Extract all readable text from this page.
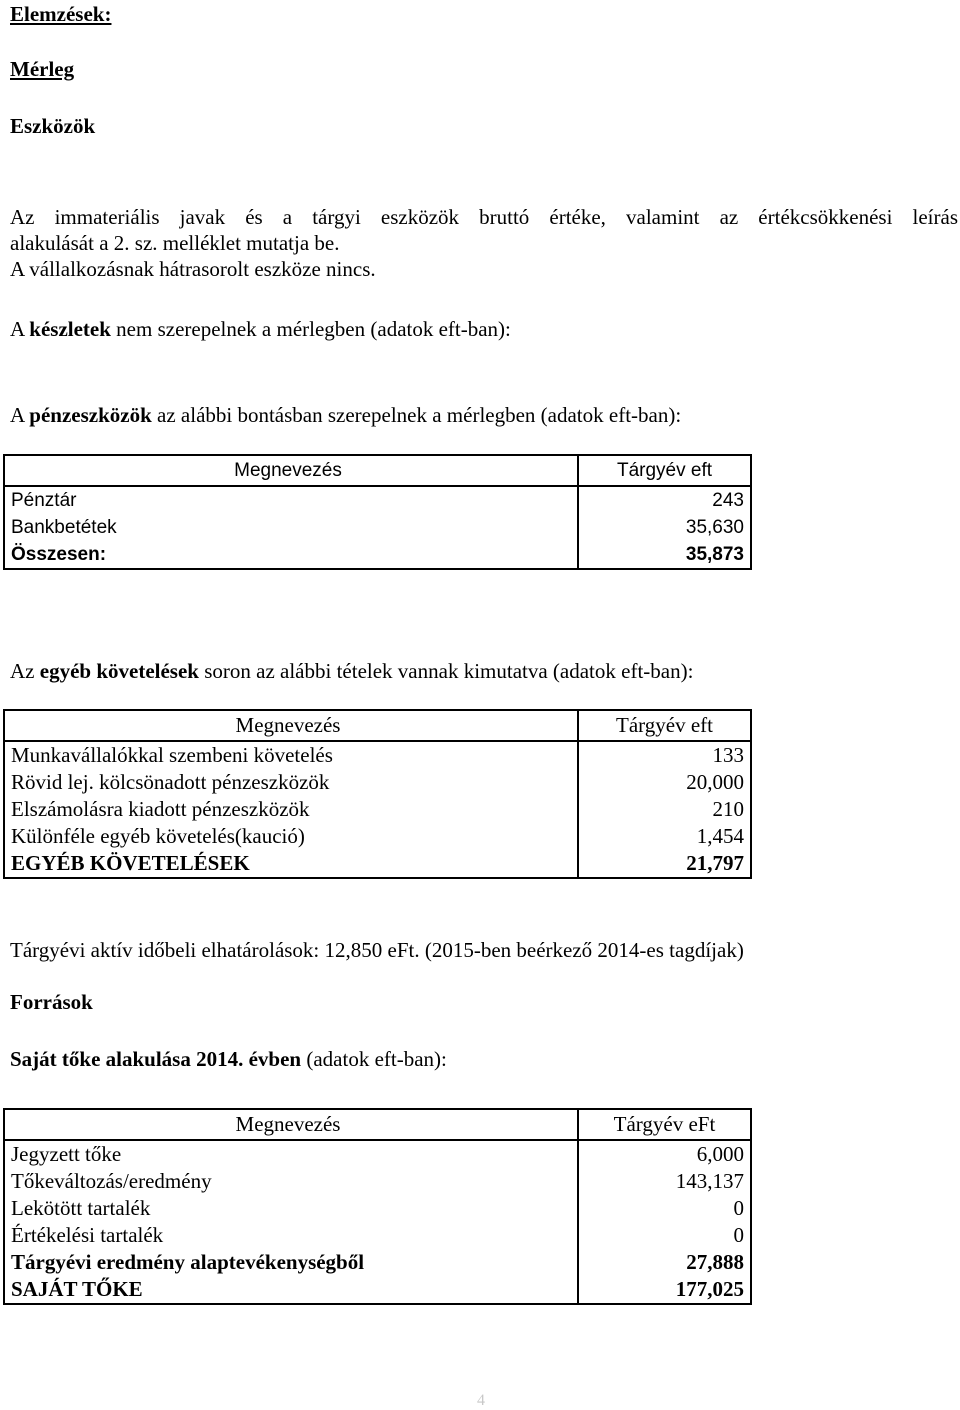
Elemzések:
Mérleg
Eszközök
Az immateriális javak és a tárgyi eszközök bruttó értéke, valamint az értékcsökkenési leírás
alakulását a 2. sz. melléklet mutatja be.
A vállalkozásnak hátrasorolt eszköze nincs.
A készletek nem szerepelnek a mérlegben (adatok eft-ban):
A pénzeszközök az alábbi bontásban szerepelnek a mérlegben (adatok eft-ban):
Megnevezés	Tárgyév eft
Pénztár	243
Bankbetétek	35,630
Összesen:	35,873
Az egyéb követelések soron az alábbi tételek vannak kimutatva (adatok eft-ban):
Megnevezés	Tárgyév eft
Munkavállalókkal szembeni követelés	133
Rövid lej. kölcsönadott pénzeszközök	20,000
Elszámolásra kiadott pénzeszközök	210
Különféle egyéb követelés(kaució)	1,454
EGYÉB KÖVETELÉSEK	21,797
Tárgyévi aktív időbeli elhatárolások: 12,850 eFt. (2015-ben beérkező 2014-es tagdíjak)
Források
Saját tőke alakulása 2014. évben (adatok eft-ban):
Megnevezés	Tárgyév eFt
Jegyzett tőke	6,000
Tőkeváltozás/eredmény	143,137
Lekötött tartalék	0
Értékelési tartalék	0
Tárgyévi eredmény alaptevékenységből	27,888
SAJÁT TŐKE	177,025
4
